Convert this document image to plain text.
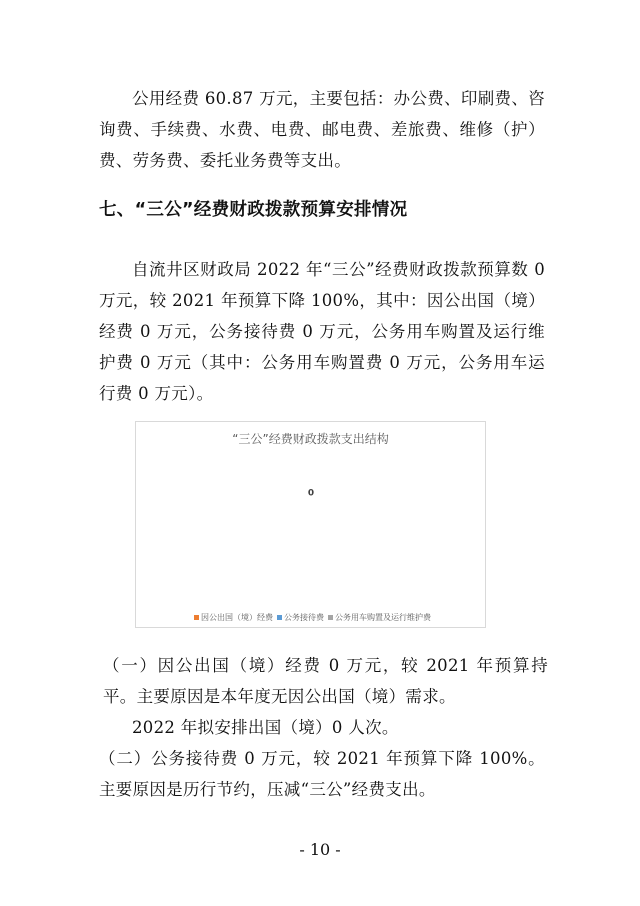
公用经费 60.87 万元，主要包括：办公费、印刷费、咨询费、手续费、水费、电费、邮电费、差旅费、维修（护）费、劳务费、委托业务费等支出。

七、“三公”经费财政拨款预算安排情况

自流井区财政局 2022 年“三公”经费财政拨款预算数 0 万元，较 2021 年预算下降 100%，其中：因公出国（境）经费 0 万元，公务接待费 0 万元，公务用车购置及运行维护费 0 万元（其中：公务用车购置费 0 万元，公务用车运行费 0 万元）。

“三公”经费财政拨款支出结构
0
因公出国（境）经费 公务接待费 公务用车购置及运行维护费

（一）因公出国（境）经费 0 万元，较 2021 年预算持平。主要原因是本年度无因公出国（境）需求。

2022 年拟安排出国（境）0 人次。

（二）公务接待费 0 万元，较 2021 年预算下降 100%。主要原因是历行节约，压减“三公”经费支出。

- 10 -
